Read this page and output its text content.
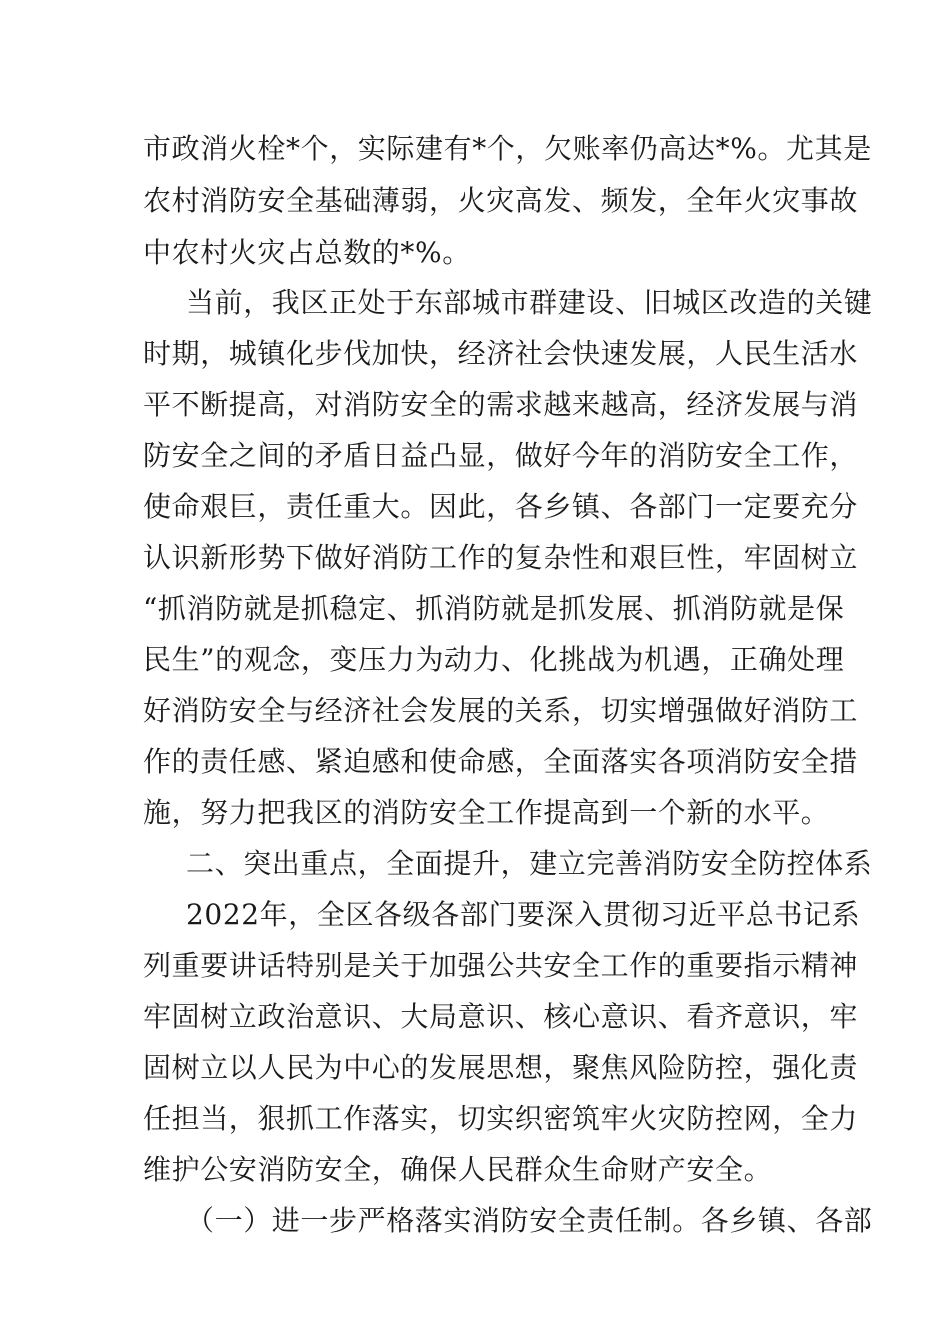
市政消火栓*个，实际建有*个，欠账率仍高达*%。尤其是
农村消防安全基础薄弱，火灾高发、频发，全年火灾事故
中农村火灾占总数的*%。
当前，我区正处于东部城市群建设、旧城区改造的关键
时期，城镇化步伐加快，经济社会快速发展，人民生活水
平不断提高，对消防安全的需求越来越高，经济发展与消
防安全之间的矛盾日益凸显，做好今年的消防安全工作，
使命艰巨，责任重大。因此，各乡镇、各部门一定要充分
认识新形势下做好消防工作的复杂性和艰巨性，牢固树立
“抓消防就是抓稳定、抓消防就是抓发展、抓消防就是保
民生”的观念，变压力为动力、化挑战为机遇，正确处理
好消防安全与经济社会发展的关系，切实增强做好消防工
作的责任感、紧迫感和使命感，全面落实各项消防安全措
施，努力把我区的消防安全工作提高到一个新的水平。
二、突出重点，全面提升，建立完善消防安全防控体系
2022年，全区各级各部门要深入贯彻习近平总书记系
列重要讲话特别是关于加强公共安全工作的重要指示精神
牢固树立政治意识、大局意识、核心意识、看齐意识，牢
固树立以人民为中心的发展思想，聚焦风险防控，强化责
任担当，狠抓工作落实，切实织密筑牢火灾防控网，全力
维护公安消防安全，确保人民群众生命财产安全。
（一）进一步严格落实消防安全责任制。各乡镇、各部
